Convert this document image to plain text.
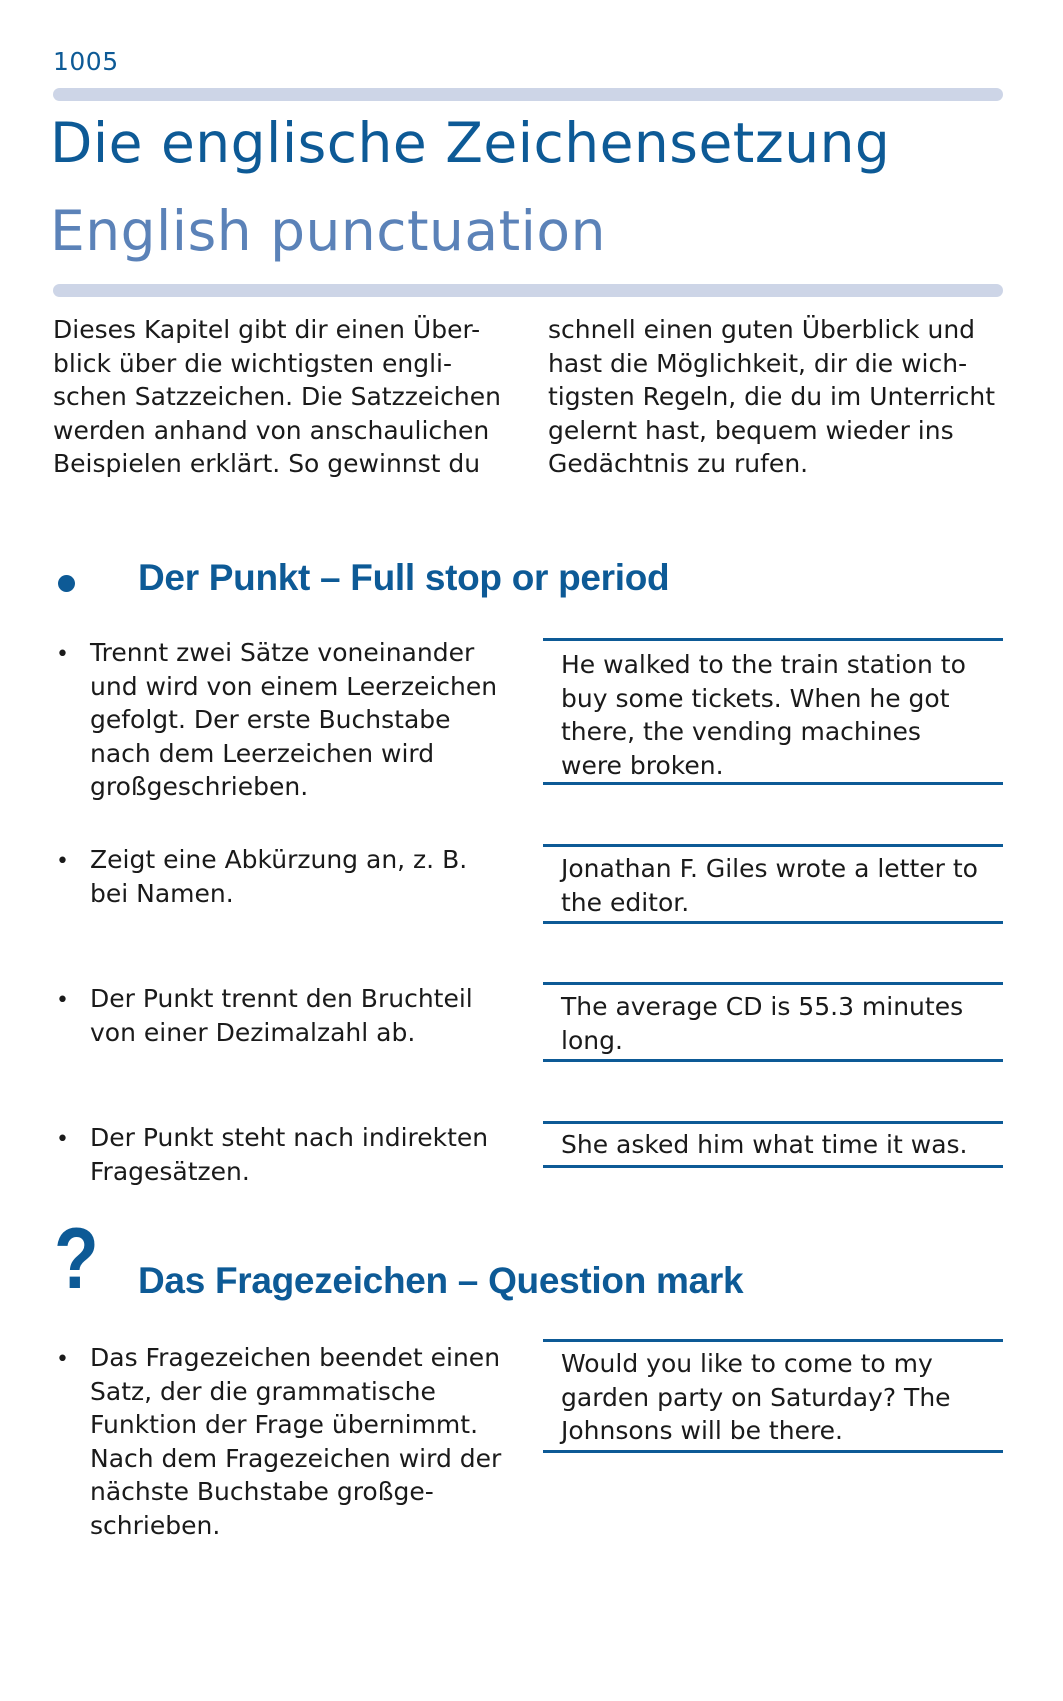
1005
Die englische Zeichensetzung
English punctuation
Dieses Kapitel gibt dir einen Über-
blick über die wichtigsten engli-
schen Satzzeichen. Die Satzzeichen
werden anhand von anschaulichen
Beispielen erklärt. So gewinnst du
schnell einen guten Überblick und
hast die Möglichkeit, dir die wich-
tigsten Regeln, die du im Unterricht
gelernt hast, bequem wieder ins
Gedächtnis zu rufen.
Der Punkt – Full stop or period
• Trennt zwei Sätze voneinander
und wird von einem Leerzeichen
gefolgt. Der erste Buchstabe
nach dem Leerzeichen wird
großgeschrieben.
He walked to the train station to
buy some tickets. When he got
there, the vending machines
were broken.
• Zeigt eine Abkürzung an, z. B.
bei Namen.
Jonathan F. Giles wrote a letter to
the editor.
• Der Punkt trennt den Bruchteil
von einer Dezimalzahl ab.
The average CD is 55.3 minutes
long.
• Der Punkt steht nach indirekten
Fragesätzen.
She asked him what time it was.
? Das Fragezeichen – Question mark
• Das Fragezeichen beendet einen
Satz, der die grammatische
Funktion der Frage übernimmt.
Nach dem Fragezeichen wird der
nächste Buchstabe großge-
schrieben.
Would you like to come to my
garden party on Saturday? The
Johnsons will be there.
